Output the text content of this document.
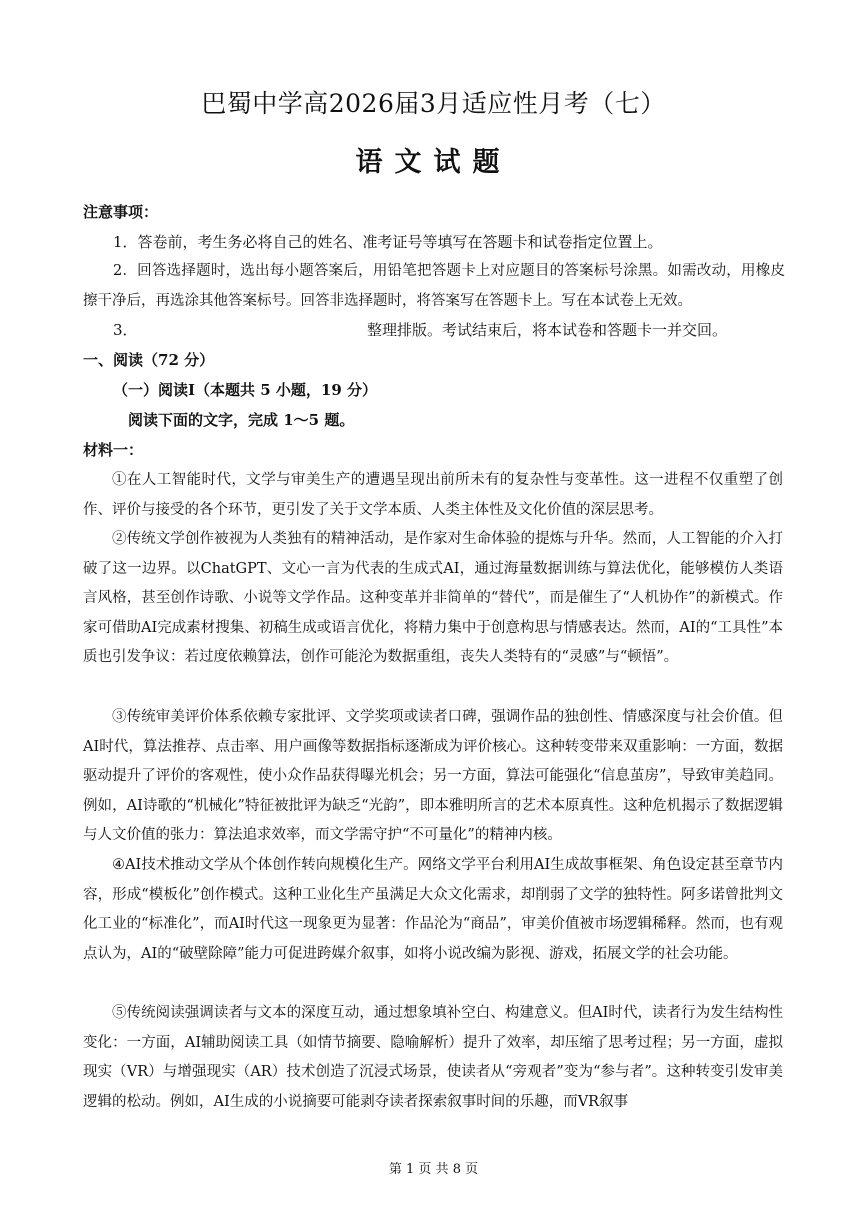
巴蜀中学高2026届3月适应性月考（七）
语文试题
注意事项：
1．答卷前，考生务必将自己的姓名、准考证号等填写在答题卡和试卷指定位置上。

2．回答选择题时，选出每小题答案后，用铅笔把答题卡上对应题目的答案标号涂黑。如需改动，用橡皮擦干净后，再选涂其他答案标号。回答非选择题时，将答案写在答题卡上。写在本试卷上无效。

3．	整理排版。考试结束后，将本试卷和答题卡一并交回。
一、阅读（72 分）
（一）阅读Ⅰ（本题共 5 小题，19 分）
阅读下面的文字，完成 1～5 题。
材料一：

①在人工智能时代，文学与审美生产的遭遇呈现出前所未有的复杂性与变革性。这一进程不仅重塑了创作、评价与接受的各个环节，更引发了关于文学本质、人类主体性及文化价值的深层思考。

②传统文学创作被视为人类独有的精神活动，是作家对生命体验的提炼与升华。然而，人工智能的介入打破了这一边界。以ChatGPT、文心一言为代表的生成式AI，通过海量数据训练与算法优化，能够模仿人类语言风格，甚至创作诗歌、小说等文学作品。这种变革并非简单的“替代”，而是催生了“人机协作”的新模式。作家可借助AI完成素材搜集、初稿生成或语言优化，将精力集中于创意构思与情感表达。然而，AI的“工具性”本质也引发争议：若过度依赖算法，创作可能沦为数据重组，丧失人类特有的“灵感”与“顿悟”。

③传统审美评价体系依赖专家批评、文学奖项或读者口碑，强调作品的独创性、情感深度与社会价值。但AI时代，算法推荐、点击率、用户画像等数据指标逐渐成为评价核心。这种转变带来双重影响：一方面，数据驱动提升了评价的客观性，使小众作品获得曝光机会；另一方面，算法可能强化“信息茧房”，导致审美趋同。例如，AI诗歌的“机械化”特征被批评为缺乏“光韵”，即本雅明所言的艺术本原真性。这种危机揭示了数据逻辑与人文价值的张力：算法追求效率，而文学需守护“不可量化”的精神内核。

④AI技术推动文学从个体创作转向规模化生产。网络文学平台利用AI生成故事框架、角色设定甚至章节内容，形成“模板化”创作模式。这种工业化生产虽满足大众文化需求，却削弱了文学的独特性。阿多诺曾批判文化工业的“标准化”，而AI时代这一现象更为显著：作品沦为“商品”，审美价值被市场逻辑稀释。然而，也有观点认为，AI的“破壁除障”能力可促进跨媒介叙事，如将小说改编为影视、游戏，拓展文学的社会功能。

⑤传统阅读强调读者与文本的深度互动，通过想象填补空白、构建意义。但AI时代，读者行为发生结构性变化：一方面，AI辅助阅读工具（如情节摘要、隐喻解析）提升了效率，却压缩了思考过程；另一方面，虚拟现实（VR）与增强现实（AR）技术创造了沉浸式场景，使读者从“旁观者”变为“参与者”。这种转变引发审美逻辑的松动。例如，AI生成的小说摘要可能剥夺读者探索叙事时间的乐趣，而VR叙事

第 1 页 共 8 页
